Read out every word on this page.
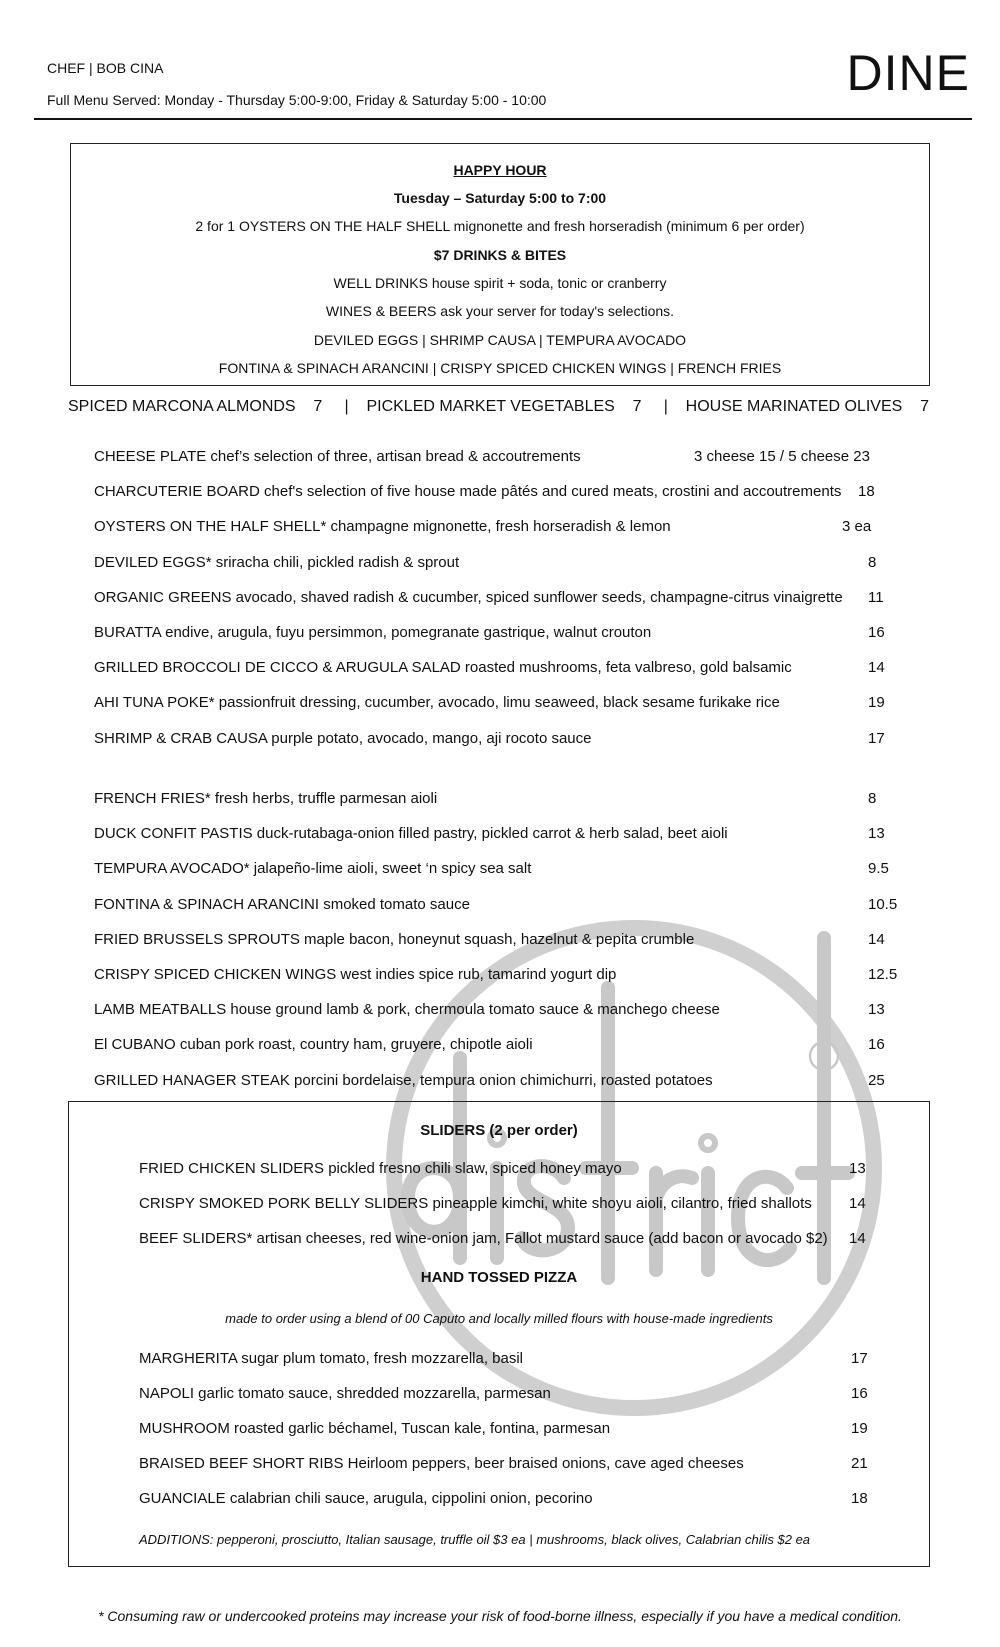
R
CHEF | BOB CINA
Full Menu Served: Monday - Thursday 5:00-9:00, Friday & Saturday 5:00 - 10:00	DINE
HAPPY HOUR
Tuesday – Saturday 5:00 to 7:00
2 for 1 OYSTERS ON THE HALF SHELL mignonette and fresh horseradish (minimum 6 per order)
$7 DRINKS & BITES
WELL DRINKS house spirit + soda, tonic or cranberry
WINES & BEERS ask your server for today's selections.
DEVILED EGGS | SHRIMP CAUSA | TEMPURA AVOCADO
FONTINA & SPINACH ARANCINI | CRISPY SPICED CHICKEN WINGS | FRENCH FRIES
SPICED MARCONA ALMONDS    7     |    PICKLED MARKET VEGETABLES    7     |    HOUSE MARINATED OLIVES    7
CHEESE PLATE chef’s selection of three, artisan bread & accoutrements	3 cheese 15 / 5 cheese 23
CHARCUTERIE BOARD chef's selection of five house made pâtés and cured meats, crostini and accoutrements 18
OYSTERS ON THE HALF SHELL* champagne mignonette, fresh horseradish & lemon	3 ea
DEVILED EGGS* sriracha chili, pickled radish & sprout	8
ORGANIC GREENS avocado, shaved radish & cucumber, spiced sunflower seeds, champagne-citrus vinaigrette 11
BURATTA endive, arugula, fuyu persimmon, pomegranate gastrique, walnut crouton	16
GRILLED BROCCOLI DE CICCO & ARUGULA SALAD roasted mushrooms, feta valbreso, gold balsamic	14
AHI TUNA POKE* passionfruit dressing, cucumber, avocado, limu seaweed, black sesame furikake rice	19
SHRIMP & CRAB CAUSA purple potato, avocado, mango, aji rocoto sauce	17
FRENCH FRIES* fresh herbs, truffle parmesan aioli	8
DUCK CONFIT PASTIS duck-rutabaga-onion filled pastry, pickled carrot & herb salad, beet aioli	13
TEMPURA AVOCADO* jalapeño-lime aioli, sweet ‘n spicy sea salt	9.5
FONTINA & SPINACH ARANCINI smoked tomato sauce	10.5
FRIED BRUSSELS SPROUTS maple bacon, honeynut squash, hazelnut & pepita crumble	14
CRISPY SPICED CHICKEN WINGS west indies spice rub, tamarind yogurt dip	12.5
LAMB MEATBALLS house ground lamb & pork, chermoula tomato sauce & manchego cheese	13
El CUBANO cuban pork roast, country ham, gruyere, chipotle aioli	16
GRILLED HANAGER STEAK porcini bordelaise, tempura onion chimichurri, roasted potatoes	25
SLIDERS (2 per order)
FRIED CHICKEN SLIDERS pickled fresno chili slaw, spiced honey mayo	13
CRISPY SMOKED PORK BELLY SLIDERS pineapple kimchi, white shoyu aioli, cilantro, fried shallots 14
BEEF SLIDERS* artisan cheeses, red wine-onion jam, Fallot mustard sauce (add bacon or avocado $2) 14
HAND TOSSED PIZZA
made to order using a blend of 00 Caputo and locally milled flours with house-made ingredients
MARGHERITA sugar plum tomato, fresh mozzarella, basil	17
NAPOLI garlic tomato sauce, shredded mozzarella, parmesan	16
MUSHROOM roasted garlic béchamel, Tuscan kale, fontina, parmesan	19
BRAISED BEEF SHORT RIBS Heirloom peppers, beer braised onions, cave aged cheeses	21
GUANCIALE calabrian chili sauce, arugula, cippolini onion, pecorino	18
ADDITIONS: pepperoni, prosciutto, Italian sausage, truffle oil $3 ea | mushrooms, black olives, Calabrian chilis $2 ea
* Consuming raw or undercooked proteins may increase your risk of food-borne illness, especially if you have a medical condition.
